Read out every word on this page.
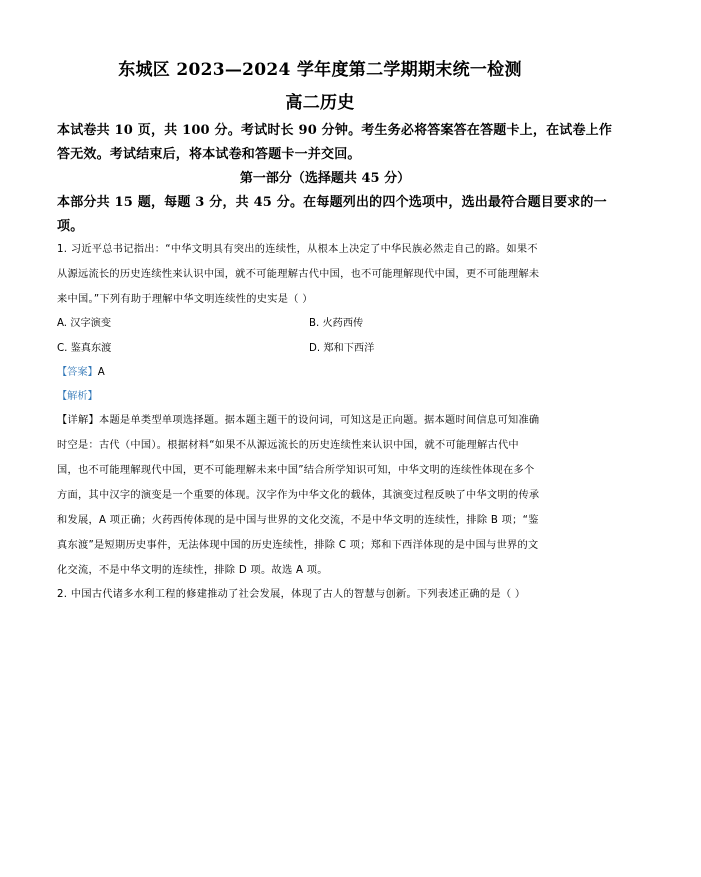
东城区 2023—2024 学年度第二学期期末统一检测
高二历史
本试卷共 10 页，共 100 分。考试时长 90 分钟。考生务必将答案答在答题卡上，在试卷上作
答无效。考试结束后，将本试卷和答题卡一并交回。
第一部分（选择题共 45 分）
本部分共 15 题，每题 3 分，共 45 分。在每题列出的四个选项中，选出最符合题目要求的一
项。
1. 习近平总书记指出：“中华文明具有突出的连续性，从根本上决定了中华民族必然走自己的路。如果不
从源远流长的历史连续性来认识中国，就不可能理解古代中国，也不可能理解现代中国，更不可能理解未
来中国。”下列有助于理解中华文明连续性的史实是（ ）
A. 汉字演变	B. 火药西传
C. 鉴真东渡	D. 郑和下西洋
【答案】A
【解析】
【详解】本题是单类型单项选择题。据本题主题干的设问词，可知这是正向题。据本题时间信息可知准确
时空是：古代（中国）。根据材料“如果不从源远流长的历史连续性来认识中国，就不可能理解古代中
国，也不可能理解现代中国，更不可能理解未来中国”结合所学知识可知，中华文明的连续性体现在多个
方面，其中汉字的演变是一个重要的体现。汉字作为中华文化的载体，其演变过程反映了中华文明的传承
和发展，A 项正确；火药西传体现的是中国与世界的文化交流，不是中华文明的连续性，排除 B 项；“鉴
真东渡”是短期历史事件，无法体现中国的历史连续性，排除 C 项；郑和下西洋体现的是中国与世界的文
化交流，不是中华文明的连续性，排除 D 项。故选 A 项。
2. 中国古代诸多水利工程的修建推动了社会发展，体现了古人的智慧与创新。下列表述正确的是（ ）
